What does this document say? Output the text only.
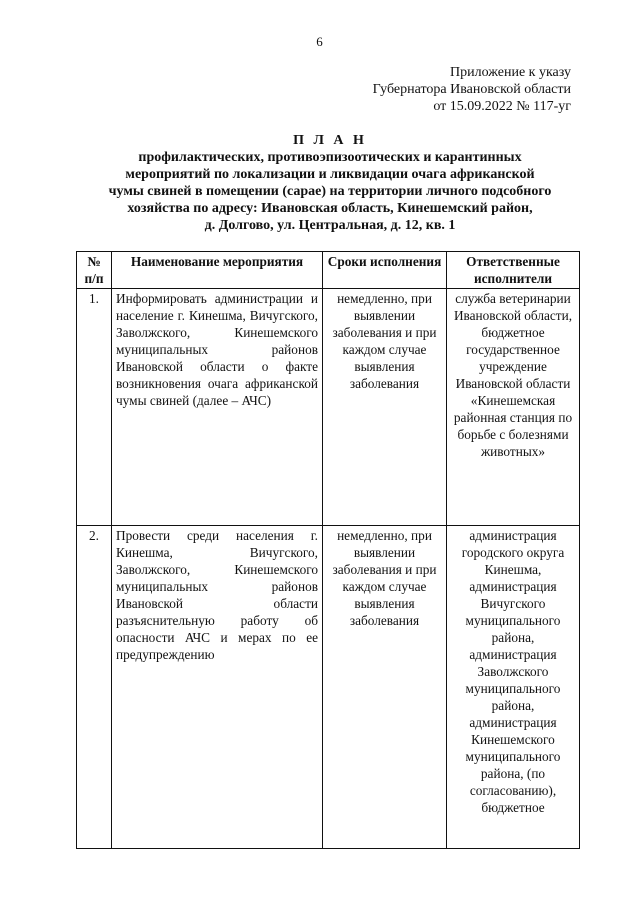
6
Приложение к указу
Губернатора Ивановской области
от 15.09.2022 № 117-уг
П Л А Н
профилактических, противоэпизоотических и карантинных
мероприятий по локализации и ликвидации очага африканской
чумы свиней в помещении (сарае) на территории личного подсобного
хозяйства по адресу: Ивановская область, Кинешемский район,
д. Долгово, ул. Центральная, д. 12, кв. 1
№ п/п	Наименование мероприятия	Сроки исполнения	Ответственные исполнители
1.	Информировать администрации и население г. Кинешма, Вичугского, Заволжского, Кинешемского муниципальных районов Ивановской области о факте возникновения очага африканской чумы свиней (далее – АЧС)	немедленно, при выявлении заболевания и при каждом случае выявления заболевания	служба ветеринарии Ивановской области, бюджетное государственное учреждение Ивановской области «Кинешемская районная станция по борьбе с болезнями животных»
2.	Провести среди населения г. Кинешма, Вичугского, Заволжского, Кинешемского муниципальных районов Ивановской области разъяснительную работу об опасности АЧС и мерах по ее предупреждению	немедленно, при выявлении заболевания и при каждом случае выявления заболевания	администрация городского округа Кинешма, администрация Вичугского муниципального района, администрация Заволжского муниципального района, администрация Кинешемского муниципального района, (по согласованию), бюджетное
